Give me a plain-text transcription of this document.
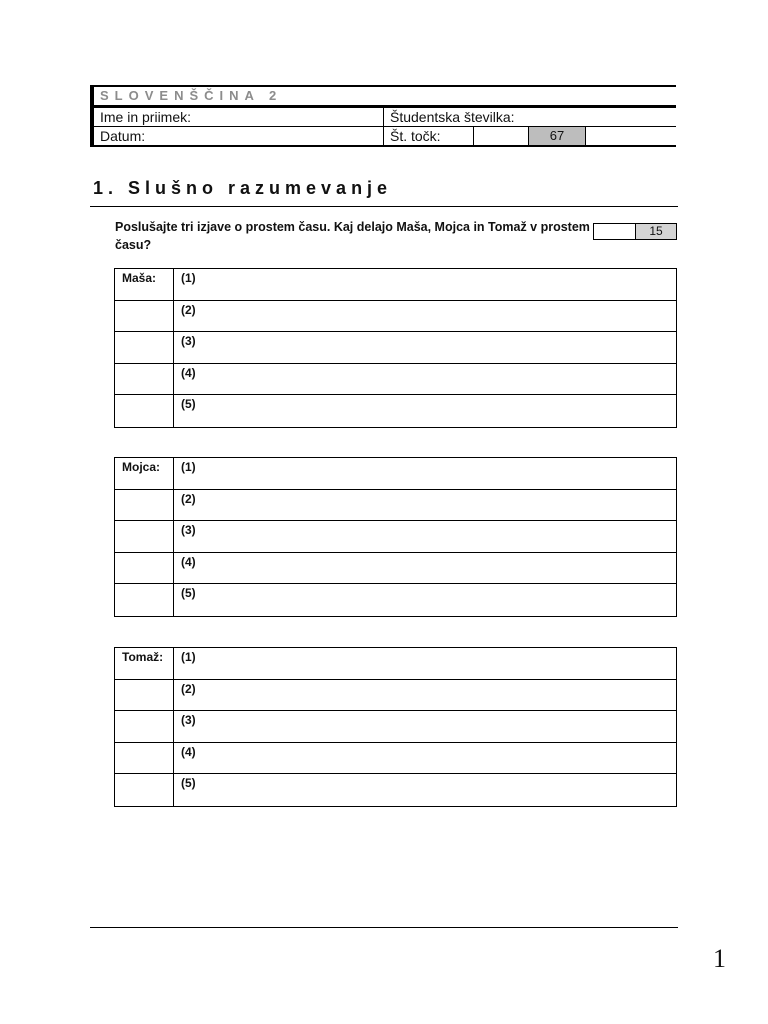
SLOVENŠČINA 2
Ime in priimek:	Študentska številka:
Datum:	Št. točk:	67
1. Slušno razumevanje
Poslušajte tri izjave o prostem času. Kaj delajo Maša, Mojca in Tomaž v prostem času?
15
Maša:	(1)
(2)
(3)
(4)
(5)
Mojca:	(1)
(2)
(3)
(4)
(5)
Tomaž:	(1)
(2)
(3)
(4)
(5)
1
